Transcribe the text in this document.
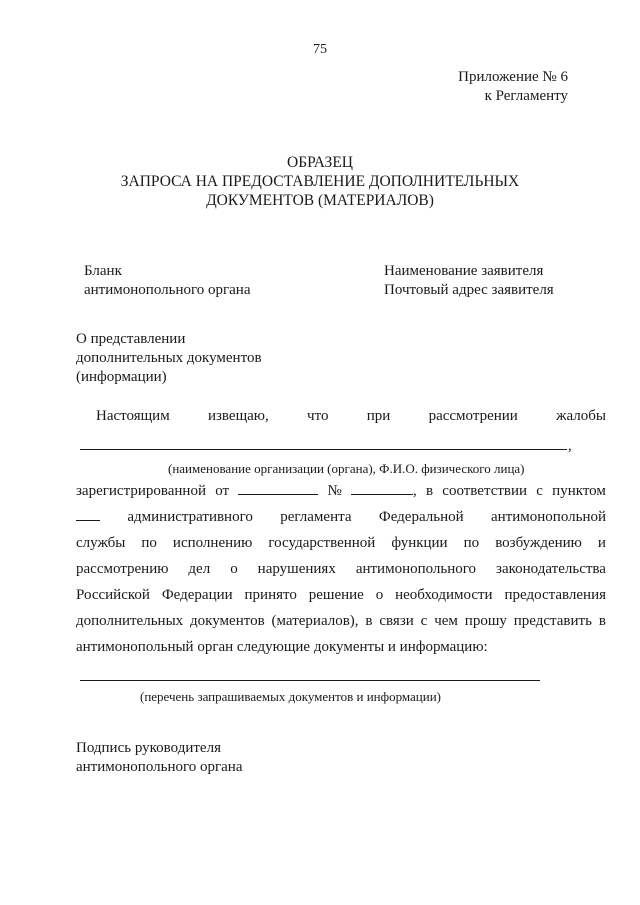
75
Приложение № 6
к Регламенту
ОБРАЗЕЦ
ЗАПРОСА НА ПРЕДОСТАВЛЕНИЕ ДОПОЛНИТЕЛЬНЫХ
ДОКУМЕНТОВ (МАТЕРИАЛОВ)
Бланк
антимонопольного органа
Наименование заявителя
Почтовый адрес заявителя
О представлении
дополнительных документов
(информации)
Настоящим	извещаю,	что	при	рассмотрении	жалобы
,
(наименование организации (органа), Ф.И.О. физического лица)
зарегистрированной от	№	, в соответствии с пунктом
административного регламента Федеральной антимонопольной
службы по исполнению государственной функции по возбуждению и
рассмотрению дел о нарушениях антимонопольного законодательства
Российской Федерации принято решение о необходимости предоставления
дополнительных документов (материалов), в связи с чем прошу представить в
антимонопольный орган следующие документы и информацию:
(перечень запрашиваемых документов и информации)
Подпись руководителя
антимонопольного органа
